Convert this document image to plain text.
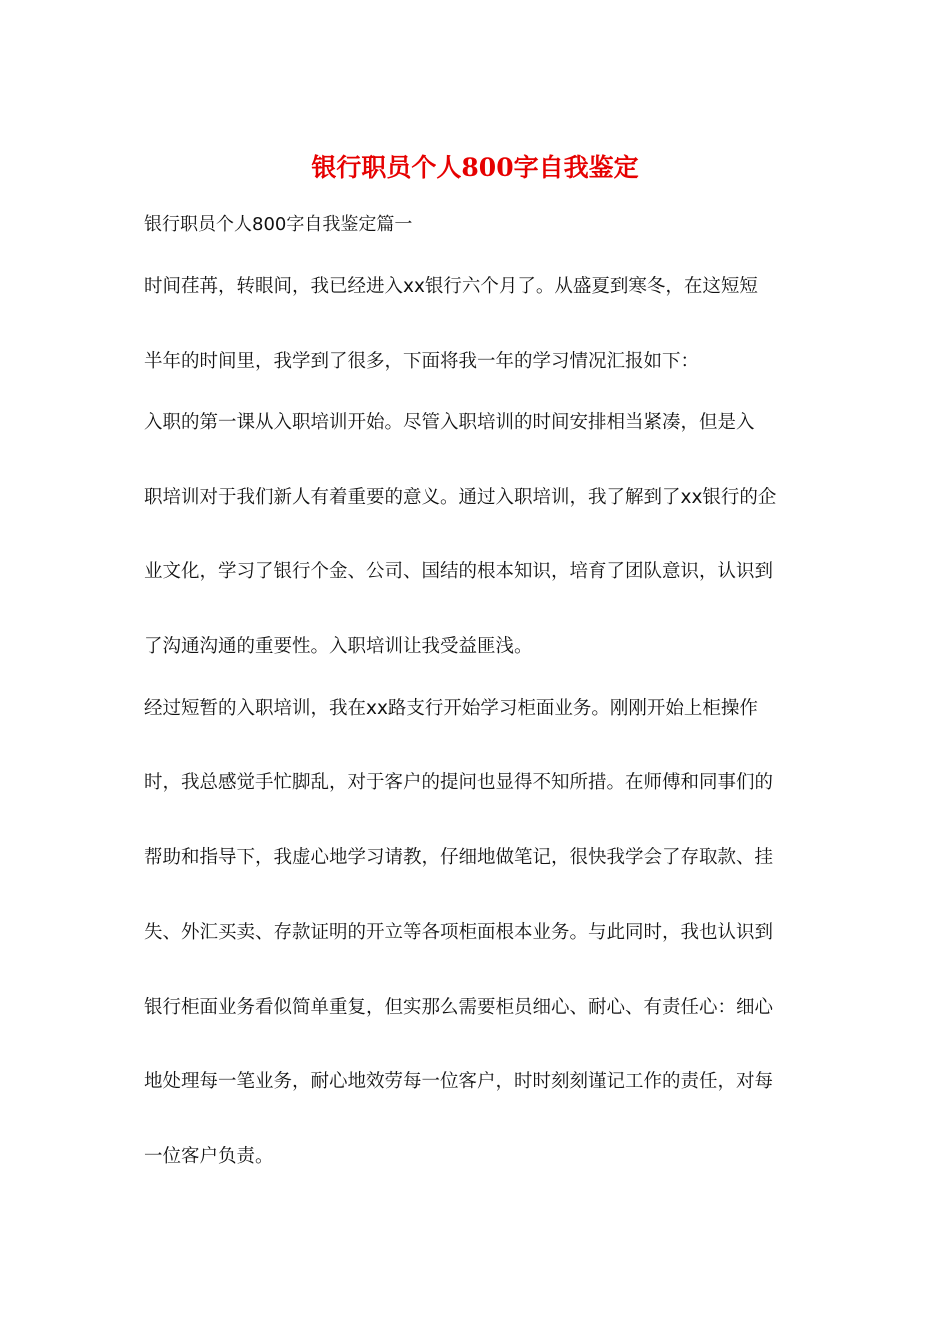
银行职员个人800字自我鉴定
银行职员个人800字自我鉴定篇一
时间荏苒，转眼间，我已经进入xx银行六个月了。从盛夏到寒冬，在这短短
半年的时间里，我学到了很多，下面将我一年的学习情况汇报如下：
入职的第一课从入职培训开始。尽管入职培训的时间安排相当紧凑，但是入
职培训对于我们新人有着重要的意义。通过入职培训，我了解到了xx银行的企
业文化，学习了银行个金、公司、国结的根本知识，培育了团队意识，认识到
了沟通沟通的重要性。入职培训让我受益匪浅。
经过短暂的入职培训，我在xx路支行开始学习柜面业务。刚刚开始上柜操作
时，我总感觉手忙脚乱，对于客户的提问也显得不知所措。在师傅和同事们的
帮助和指导下，我虚心地学习请教，仔细地做笔记，很快我学会了存取款、挂
失、外汇买卖、存款证明的开立等各项柜面根本业务。与此同时，我也认识到
银行柜面业务看似简单重复，但实那么需要柜员细心、耐心、有责任心：细心
地处理每一笔业务，耐心地效劳每一位客户，时时刻刻谨记工作的责任，对每
一位客户负责。
